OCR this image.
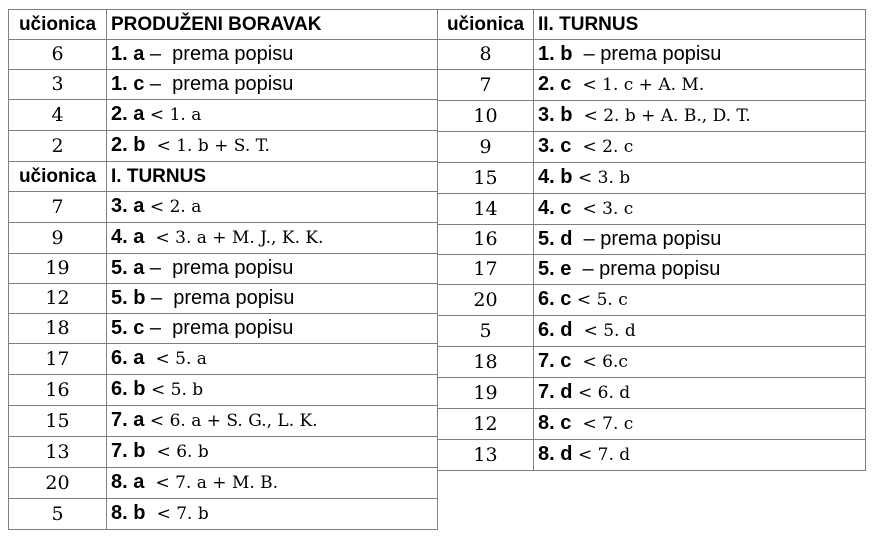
učionica	PRODUŽENI BORAVAK
6	1. a –  prema popisu
3	1. c –  prema popisu
4	2. a < 1. a
2	2. b < 1. b + S. T.
učionica	I. TURNUS
7	3. a < 2. a
9	4. a < 3. a + M. J., K. K.
19	5. a –  prema popisu
12	5. b –  prema popisu
18	5. c –  prema popisu
17	6. a < 5. a
16	6. b < 5. b
15	7. a < 6. a + S. G., L. K.
13	7. b < 6. b
20	8. a < 7. a + M. B.
5	8. b < 7. b
učionica	II. TURNUS
8	1. b  – prema popisu
7	2. c < 1. c + A. M.
10	3. b < 2. b + A. B., D. T.
9	3. c < 2. c
15	4. b < 3. b
14	4. c < 3. c
16	5. d  – prema popisu
17	5. e  – prema popisu
20	6. c < 5. c
5	6. d < 5. d
18	7. c < 6.c
19	7. d < 6. d
12	8. c < 7. c
13	8. d < 7. d
